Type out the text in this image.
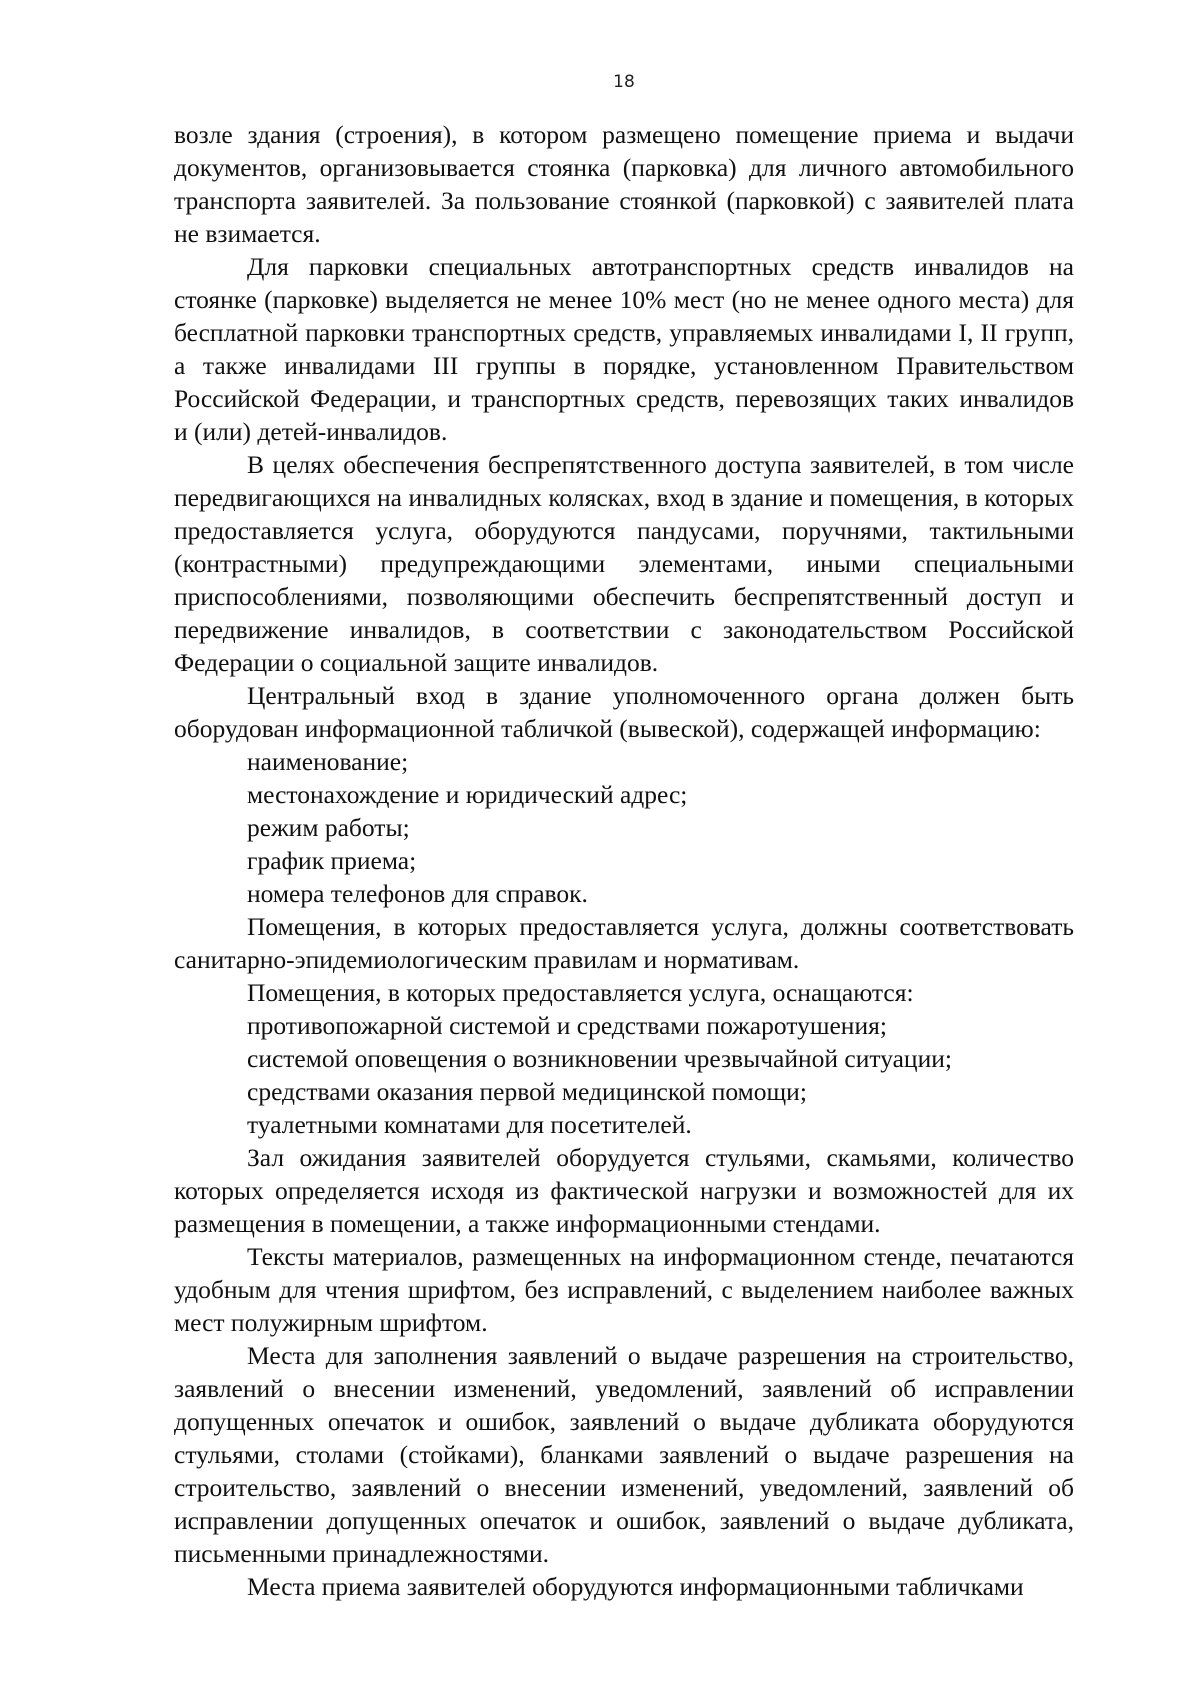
18

возле здания (строения), в котором размещено помещение приема и выдачи документов, организовывается стоянка (парковка) для личного автомобильного транспорта заявителей. За пользование стоянкой (парковкой) с заявителей плата не взимается.

Для парковки специальных автотранспортных средств инвалидов на стоянке (парковке) выделяется не менее 10% мест (но не менее одного места) для бесплатной парковки транспортных средств, управляемых инвалидами I, II групп, а также инвалидами III группы в порядке, установленном Правительством Российской Федерации, и транспортных средств, перевозящих таких инвалидов              и (или) детей-инвалидов.

В целях обеспечения беспрепятственного доступа заявителей, в том числе передвигающихся на инвалидных колясках, вход в здание и помещения, в которых предоставляется услуга, оборудуются пандусами, поручнями, тактильными (контрастными) предупреждающими элементами, иными специальными приспособлениями, позволяющими обеспечить беспрепятственный доступ и передвижение инвалидов, в соответствии с законодательством Российской Федерации о социальной защите инвалидов.

Центральный вход в здание уполномоченного органа должен быть оборудован информационной табличкой (вывеской), содержащей информацию:

наименование;

местонахождение и юридический адрес;

режим работы;

график приема;

номера телефонов для справок.

Помещения, в которых предоставляется услуга, должны соответствовать санитарно-эпидемиологическим правилам и нормативам.

Помещения, в которых предоставляется услуга, оснащаются:

противопожарной системой и средствами пожаротушения;

системой оповещения о возникновении чрезвычайной ситуации;

средствами оказания первой медицинской помощи;

туалетными комнатами для посетителей.

Зал ожидания заявителей оборудуется стульями, скамьями, количество которых определяется исходя из фактической нагрузки и возможностей для их размещения в помещении, а также информационными стендами.

Тексты материалов, размещенных на информационном стенде, печатаются удобным для чтения шрифтом, без исправлений, с выделением наиболее важных мест полужирным шрифтом.

Места для заполнения заявлений о выдаче разрешения на строительство, заявлений о внесении изменений, уведомлений, заявлений об исправлении допущенных опечаток и ошибок, заявлений о выдаче дубликата оборудуются стульями, столами (стойками), бланками заявлений о выдаче разрешения на строительство, заявлений о внесении изменений, уведомлений, заявлений об исправлении допущенных опечаток и ошибок, заявлений о выдаче дубликата, письменными принадлежностями.

Места приема заявителей оборудуются информационными табличками
